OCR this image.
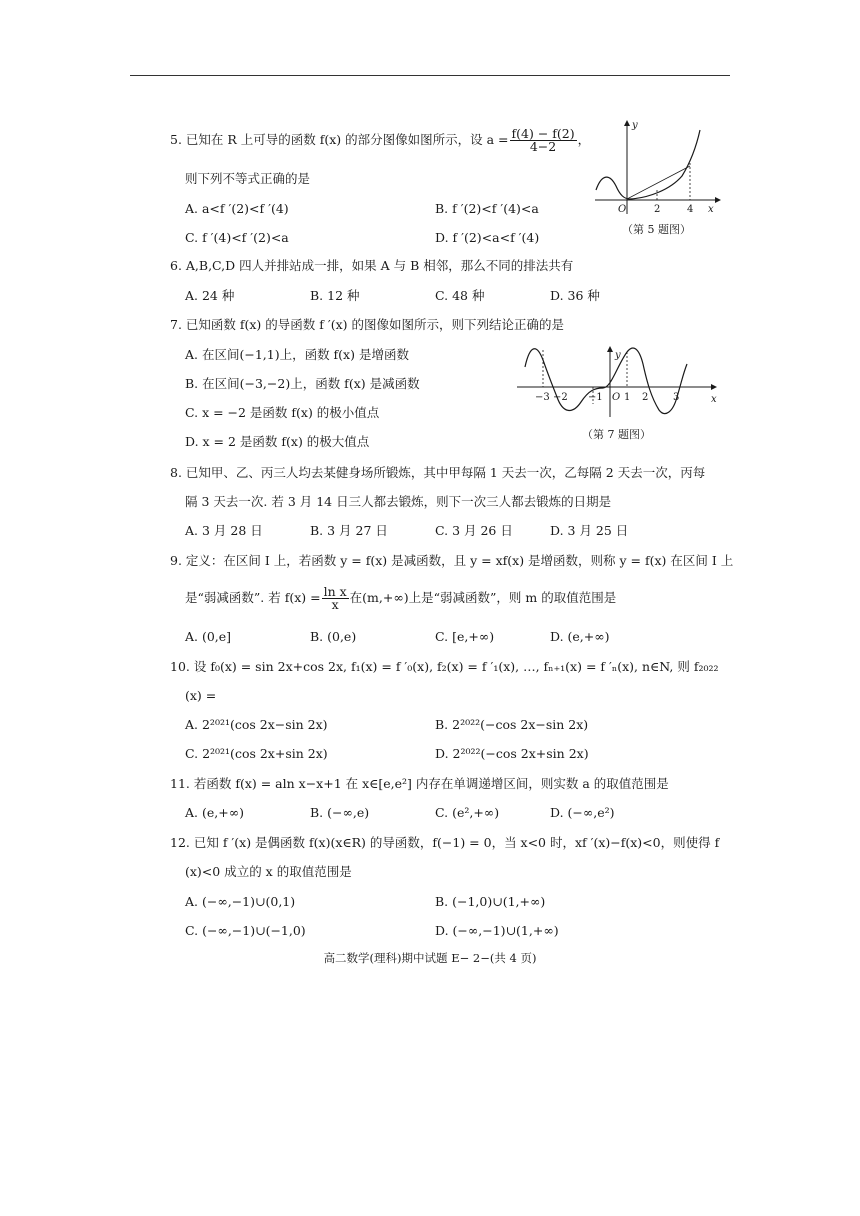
5. 已知在 R 上可导的函数 f(x) 的部分图像如图所示，设 $a = \frac{f(4) - f(2)}{4-2}$ ，
则下列不等式正确的是
A. a<f ′(2)<f ′(4)	B. f ′(2)<f ′(4)<a
C. f ′(4)<f ′(2)<a	D. f ′(2)<a<f ′(4)
y
x
O	2	4
（第 5 题图）
6. A,B,C,D 四人并排站成一排，如果 A 与 B 相邻，那么不同的排法共有
A. 24 种	B. 12 种	C. 48 种	D. 36 种
7. 已知函数 f(x) 的导函数 f ′(x) 的图像如图所示，则下列结论正确的是
A. 在区间(−1,1)上，函数 f(x) 是增函数
B. 在区间(−3,−2)上，函数 f(x) 是减函数
C. x = −2 是函数 f(x) 的极小值点
D. x = 2 是函数 f(x) 的极大值点
y
x
O
−3 −2 −1 1 2 3
（第 7 题图）
8. 已知甲、乙、丙三人均去某健身场所锻炼，其中甲每隔 1 天去一次，乙每隔 2 天去一次，丙每
隔 3 天去一次. 若 3 月 14 日三人都去锻炼，则下一次三人都去锻炼的日期是
A. 3 月 28 日	B. 3 月 27 日	C. 3 月 26 日	D. 3 月 25 日
9. 定义：在区间 I 上，若函数 y = f(x) 是减函数，且 y = xf(x) 是增函数，则称 y = f(x) 在区间 I 上
是“弱减函数”. 若 $f(x) = \frac{\text{ln x}}{x}$ 在(m,+∞)上是“弱减函数”，则 m 的取值范围是
A. (0,e]	B. (0,e)	C. [e,+∞)	D. (e,+∞)
10. 设 f₀(x) = sin 2x+cos 2x, f₁(x) = f ′₀(x), f₂(x) = f ′₁(x), …, fₙ₊₁(x) = f ′ₙ(x), n∈N, 则 f₂₀₂₂
(x) =
A. 2²⁰²¹(cos 2x−sin 2x)	B. 2²⁰²²(−cos 2x−sin 2x)
C. 2²⁰²¹(cos 2x+sin 2x)	D. 2²⁰²²(−cos 2x+sin 2x)
11. 若函数 f(x) = aln x−x+1 在 x∈[e,e²] 内存在单调递增区间，则实数 a 的取值范围是
A. (e,+∞)	B. (−∞,e)	C. (e²,+∞)	D. (−∞,e²)
12. 已知 f ′(x) 是偶函数 f(x)(x∈R) 的导函数，f(−1) = 0，当 x<0 时，xf ′(x)−f(x)<0，则使得 f
(x)<0 成立的 x 的取值范围是
A. (−∞,−1)∪(0,1)	B. (−1,0)∪(1,+∞)
C. (−∞,−1)∪(−1,0)	D. (−∞,−1)∪(1,+∞)
高二数学(理科)期中试题 E− 2−(共 4 页)
